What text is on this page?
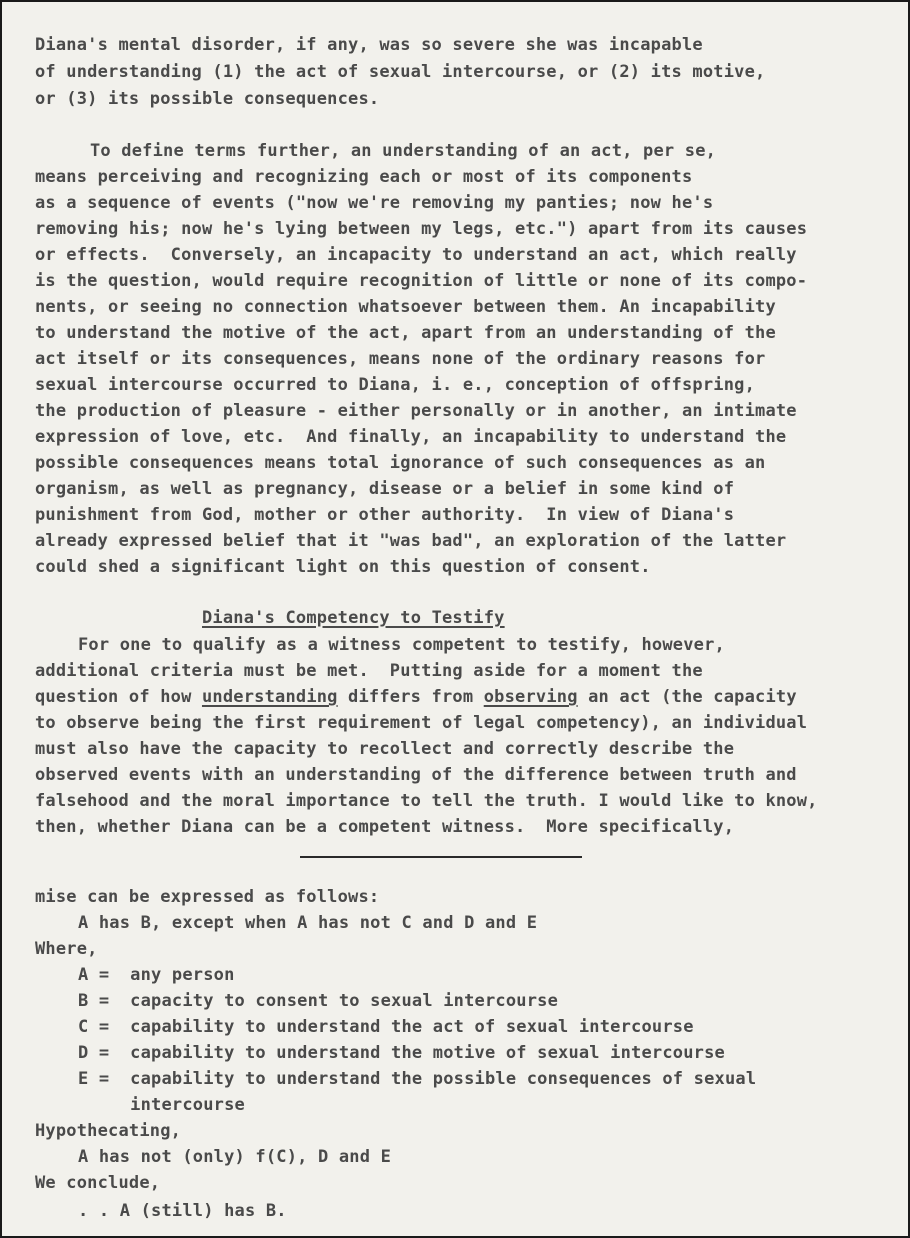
Diana's mental disorder, if any, was so severe she was incapable
of understanding (1) the act of sexual intercourse, or (2) its motive,
or (3) its possible consequences.
To define terms further, an understanding of an act, per se,
means perceiving and recognizing each or most of its components
as a sequence of events ("now we're removing my panties; now he's
removing his; now he's lying between my legs, etc.") apart from its causes
or effects.  Conversely, an incapacity to understand an act, which really
is the question, would require recognition of little or none of its compo-
nents, or seeing no connection whatsoever between them. An incapability
to understand the motive of the act, apart from an understanding of the
act itself or its consequences, means none of the ordinary reasons for
sexual intercourse occurred to Diana, i. e., conception of offspring,
the production of pleasure - either personally or in another, an intimate
expression of love, etc.  And finally, an incapability to understand the
possible consequences means total ignorance of such consequences as an
organism, as well as pregnancy, disease or a belief in some kind of
punishment from God, mother or other authority.  In view of Diana's
already expressed belief that it "was bad", an exploration of the latter
could shed a significant light on this question of consent.
Diana's Competency to Testify
For one to qualify as a witness competent to testify, however,
additional criteria must be met.  Putting aside for a moment the
question of how understanding differs from observing an act (the capacity
to observe being the first requirement of legal competency), an individual
must also have the capacity to recollect and correctly describe the
observed events with an understanding of the difference between truth and
falsehood and the moral importance to tell the truth. I would like to know,
then, whether Diana can be a competent witness.  More specifically,
mise can be expressed as follows:
A has B, except when A has not C and D and E
Where,
A =  any person
B =  capacity to consent to sexual intercourse
C =  capability to understand the act of sexual intercourse
D =  capability to understand the motive of sexual intercourse
E =  capability to understand the possible consequences of sexual
intercourse
Hypothecating,
A has not (only) f(C), D and E
We conclude,
. . A (still) has B.
